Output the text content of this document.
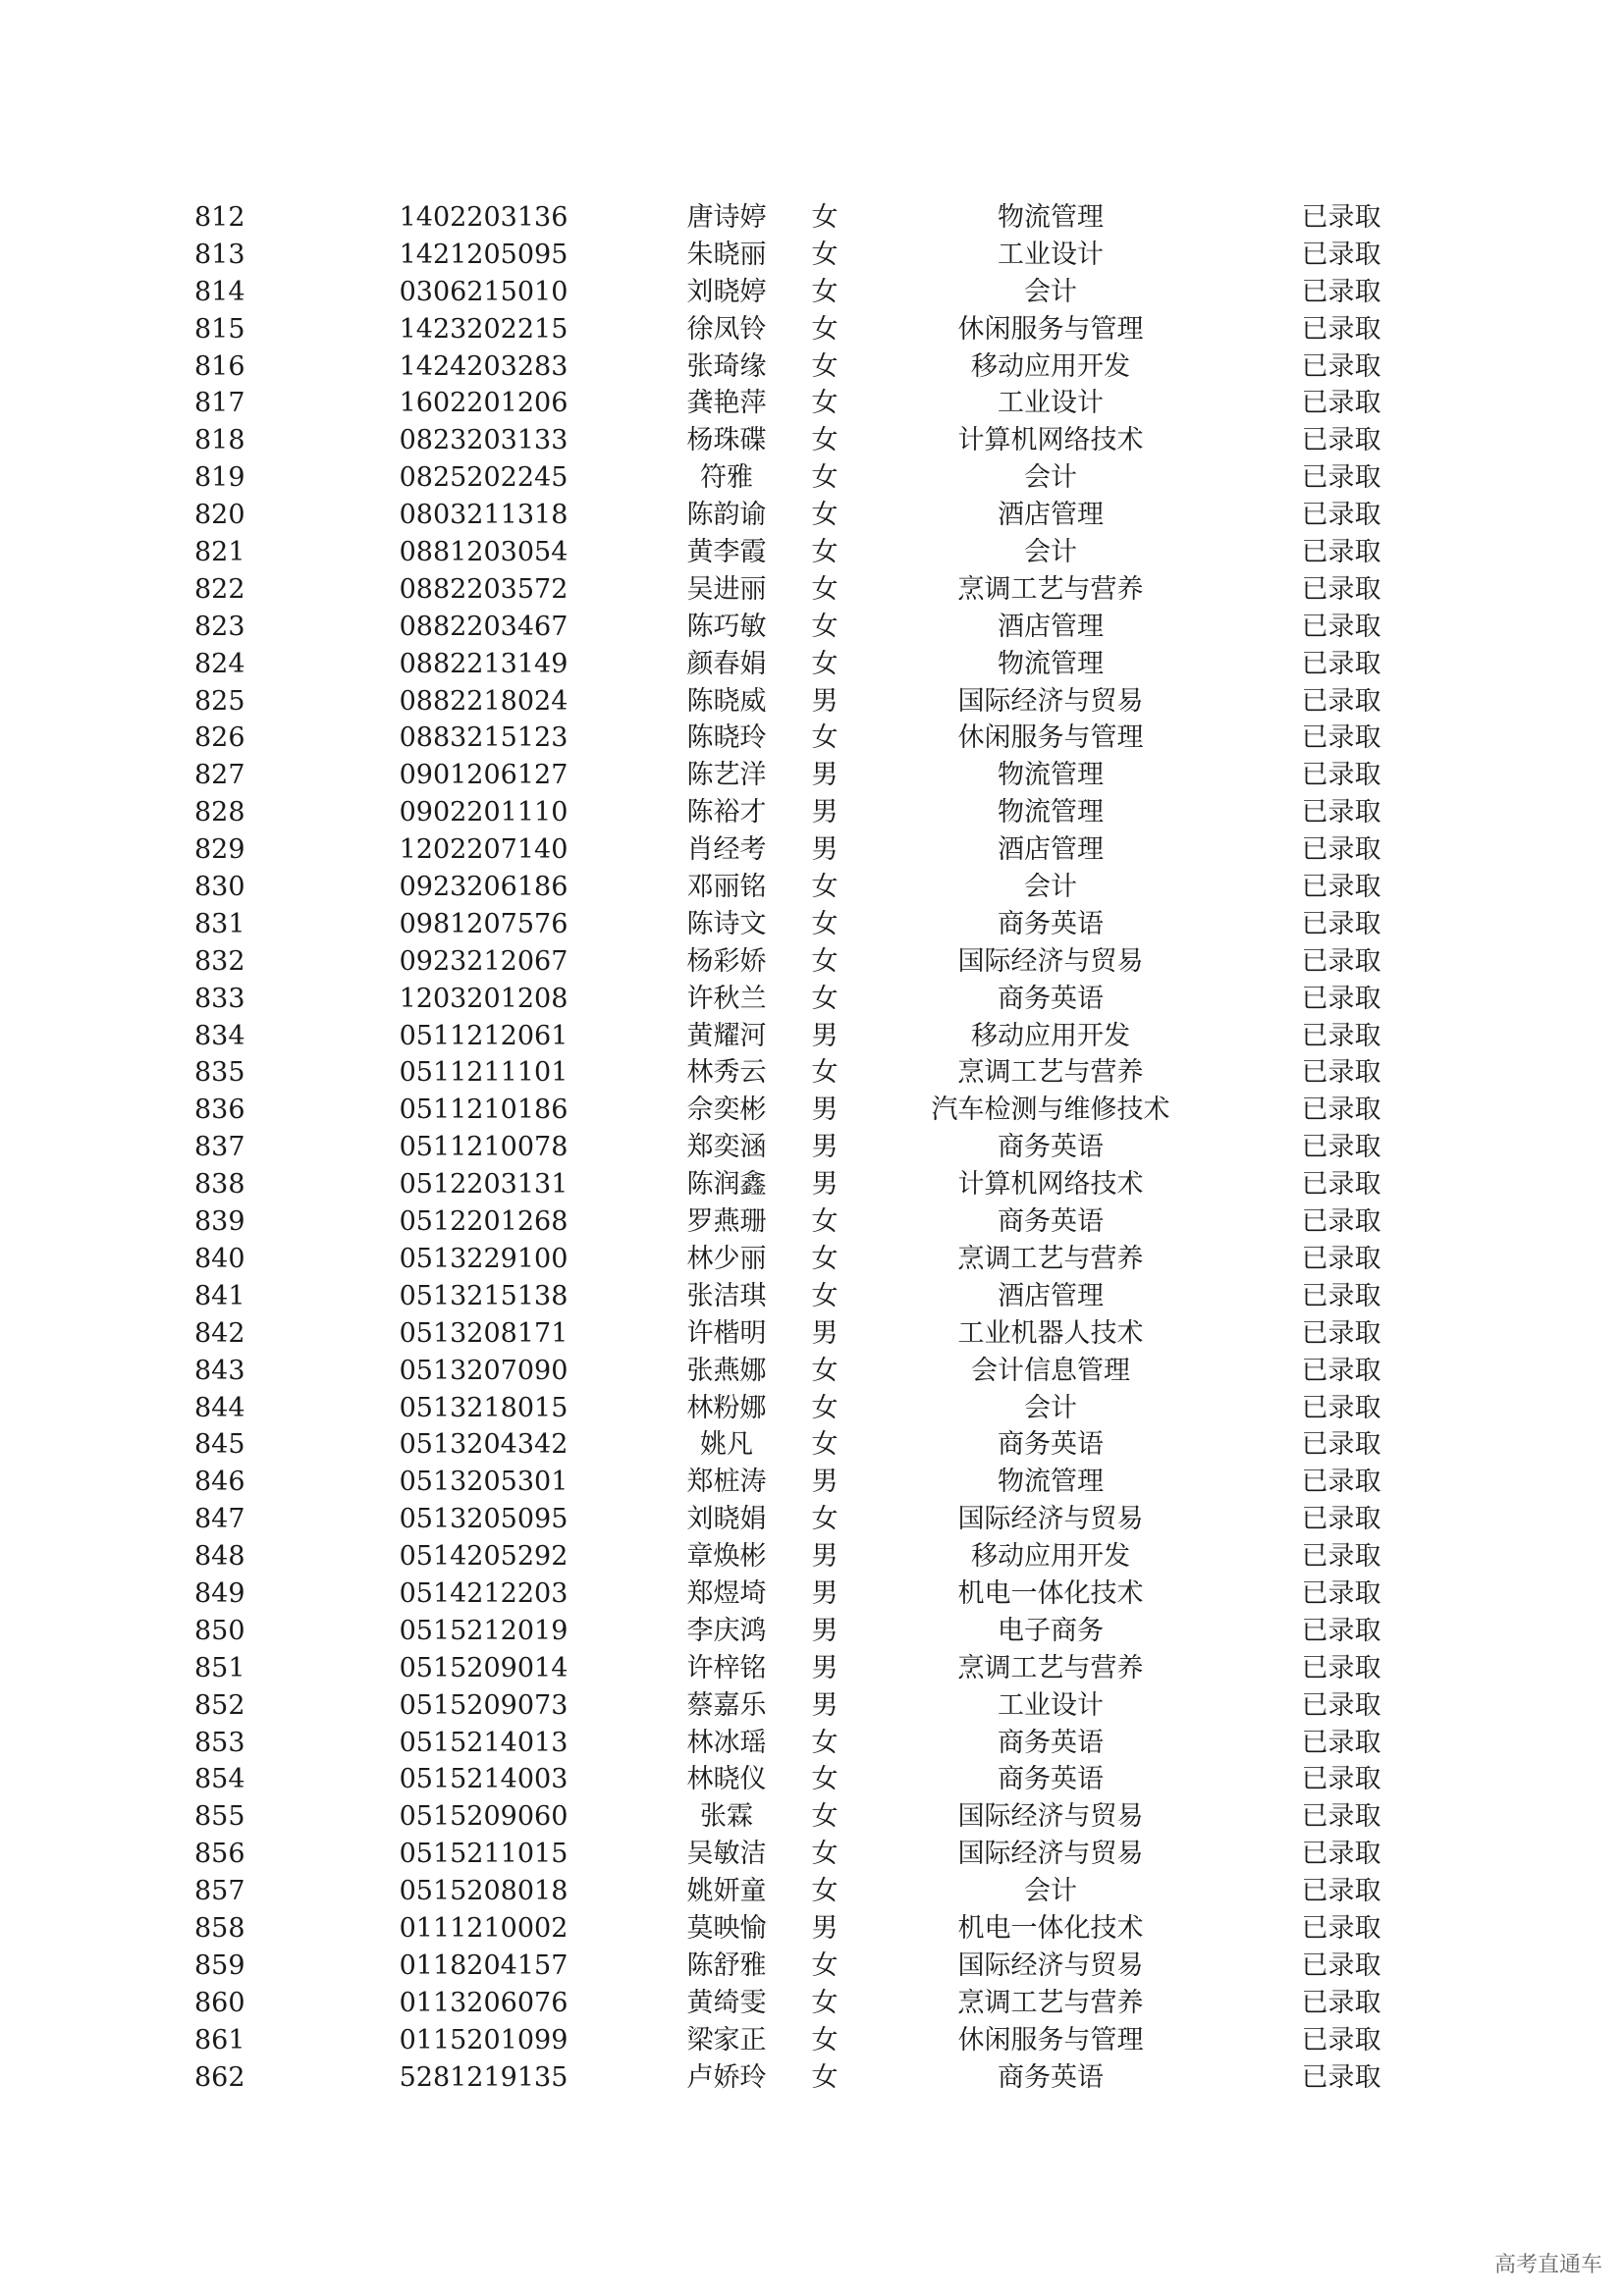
812	1402203136	唐诗婷	女	物流管理	已录取
813	1421205095	朱晓丽	女	工业设计	已录取
814	0306215010	刘晓婷	女	会计	已录取
815	1423202215	徐凤铃	女	休闲服务与管理	已录取
816	1424203283	张琦缘	女	移动应用开发	已录取
817	1602201206	龚艳萍	女	工业设计	已录取
818	0823203133	杨珠碟	女	计算机网络技术	已录取
819	0825202245	符雅	女	会计	已录取
820	0803211318	陈韵谕	女	酒店管理	已录取
821	0881203054	黄李霞	女	会计	已录取
822	0882203572	吴进丽	女	烹调工艺与营养	已录取
823	0882203467	陈巧敏	女	酒店管理	已录取
824	0882213149	颜春娟	女	物流管理	已录取
825	0882218024	陈晓威	男	国际经济与贸易	已录取
826	0883215123	陈晓玲	女	休闲服务与管理	已录取
827	0901206127	陈艺洋	男	物流管理	已录取
828	0902201110	陈裕才	男	物流管理	已录取
829	1202207140	肖经考	男	酒店管理	已录取
830	0923206186	邓丽铭	女	会计	已录取
831	0981207576	陈诗文	女	商务英语	已录取
832	0923212067	杨彩娇	女	国际经济与贸易	已录取
833	1203201208	许秋兰	女	商务英语	已录取
834	0511212061	黄耀河	男	移动应用开发	已录取
835	0511211101	林秀云	女	烹调工艺与营养	已录取
836	0511210186	佘奕彬	男	汽车检测与维修技术	已录取
837	0511210078	郑奕涵	男	商务英语	已录取
838	0512203131	陈润鑫	男	计算机网络技术	已录取
839	0512201268	罗燕珊	女	商务英语	已录取
840	0513229100	林少丽	女	烹调工艺与营养	已录取
841	0513215138	张洁琪	女	酒店管理	已录取
842	0513208171	许楷明	男	工业机器人技术	已录取
843	0513207090	张燕娜	女	会计信息管理	已录取
844	0513218015	林粉娜	女	会计	已录取
845	0513204342	姚凡	女	商务英语	已录取
846	0513205301	郑桩涛	男	物流管理	已录取
847	0513205095	刘晓娟	女	国际经济与贸易	已录取
848	0514205292	章焕彬	男	移动应用开发	已录取
849	0514212203	郑煜埼	男	机电一体化技术	已录取
850	0515212019	李庆鸿	男	电子商务	已录取
851	0515209014	许梓铭	男	烹调工艺与营养	已录取
852	0515209073	蔡嘉乐	男	工业设计	已录取
853	0515214013	林冰瑶	女	商务英语	已录取
854	0515214003	林晓仪	女	商务英语	已录取
855	0515209060	张霖	女	国际经济与贸易	已录取
856	0515211015	吴敏洁	女	国际经济与贸易	已录取
857	0515208018	姚妍童	女	会计	已录取
858	0111210002	莫映愉	男	机电一体化技术	已录取
859	0118204157	陈舒雅	女	国际经济与贸易	已录取
860	0113206076	黄绮雯	女	烹调工艺与营养	已录取
861	0115201099	梁家正	女	休闲服务与管理	已录取
862	5281219135	卢娇玲	女	商务英语	已录取
高考直通车
